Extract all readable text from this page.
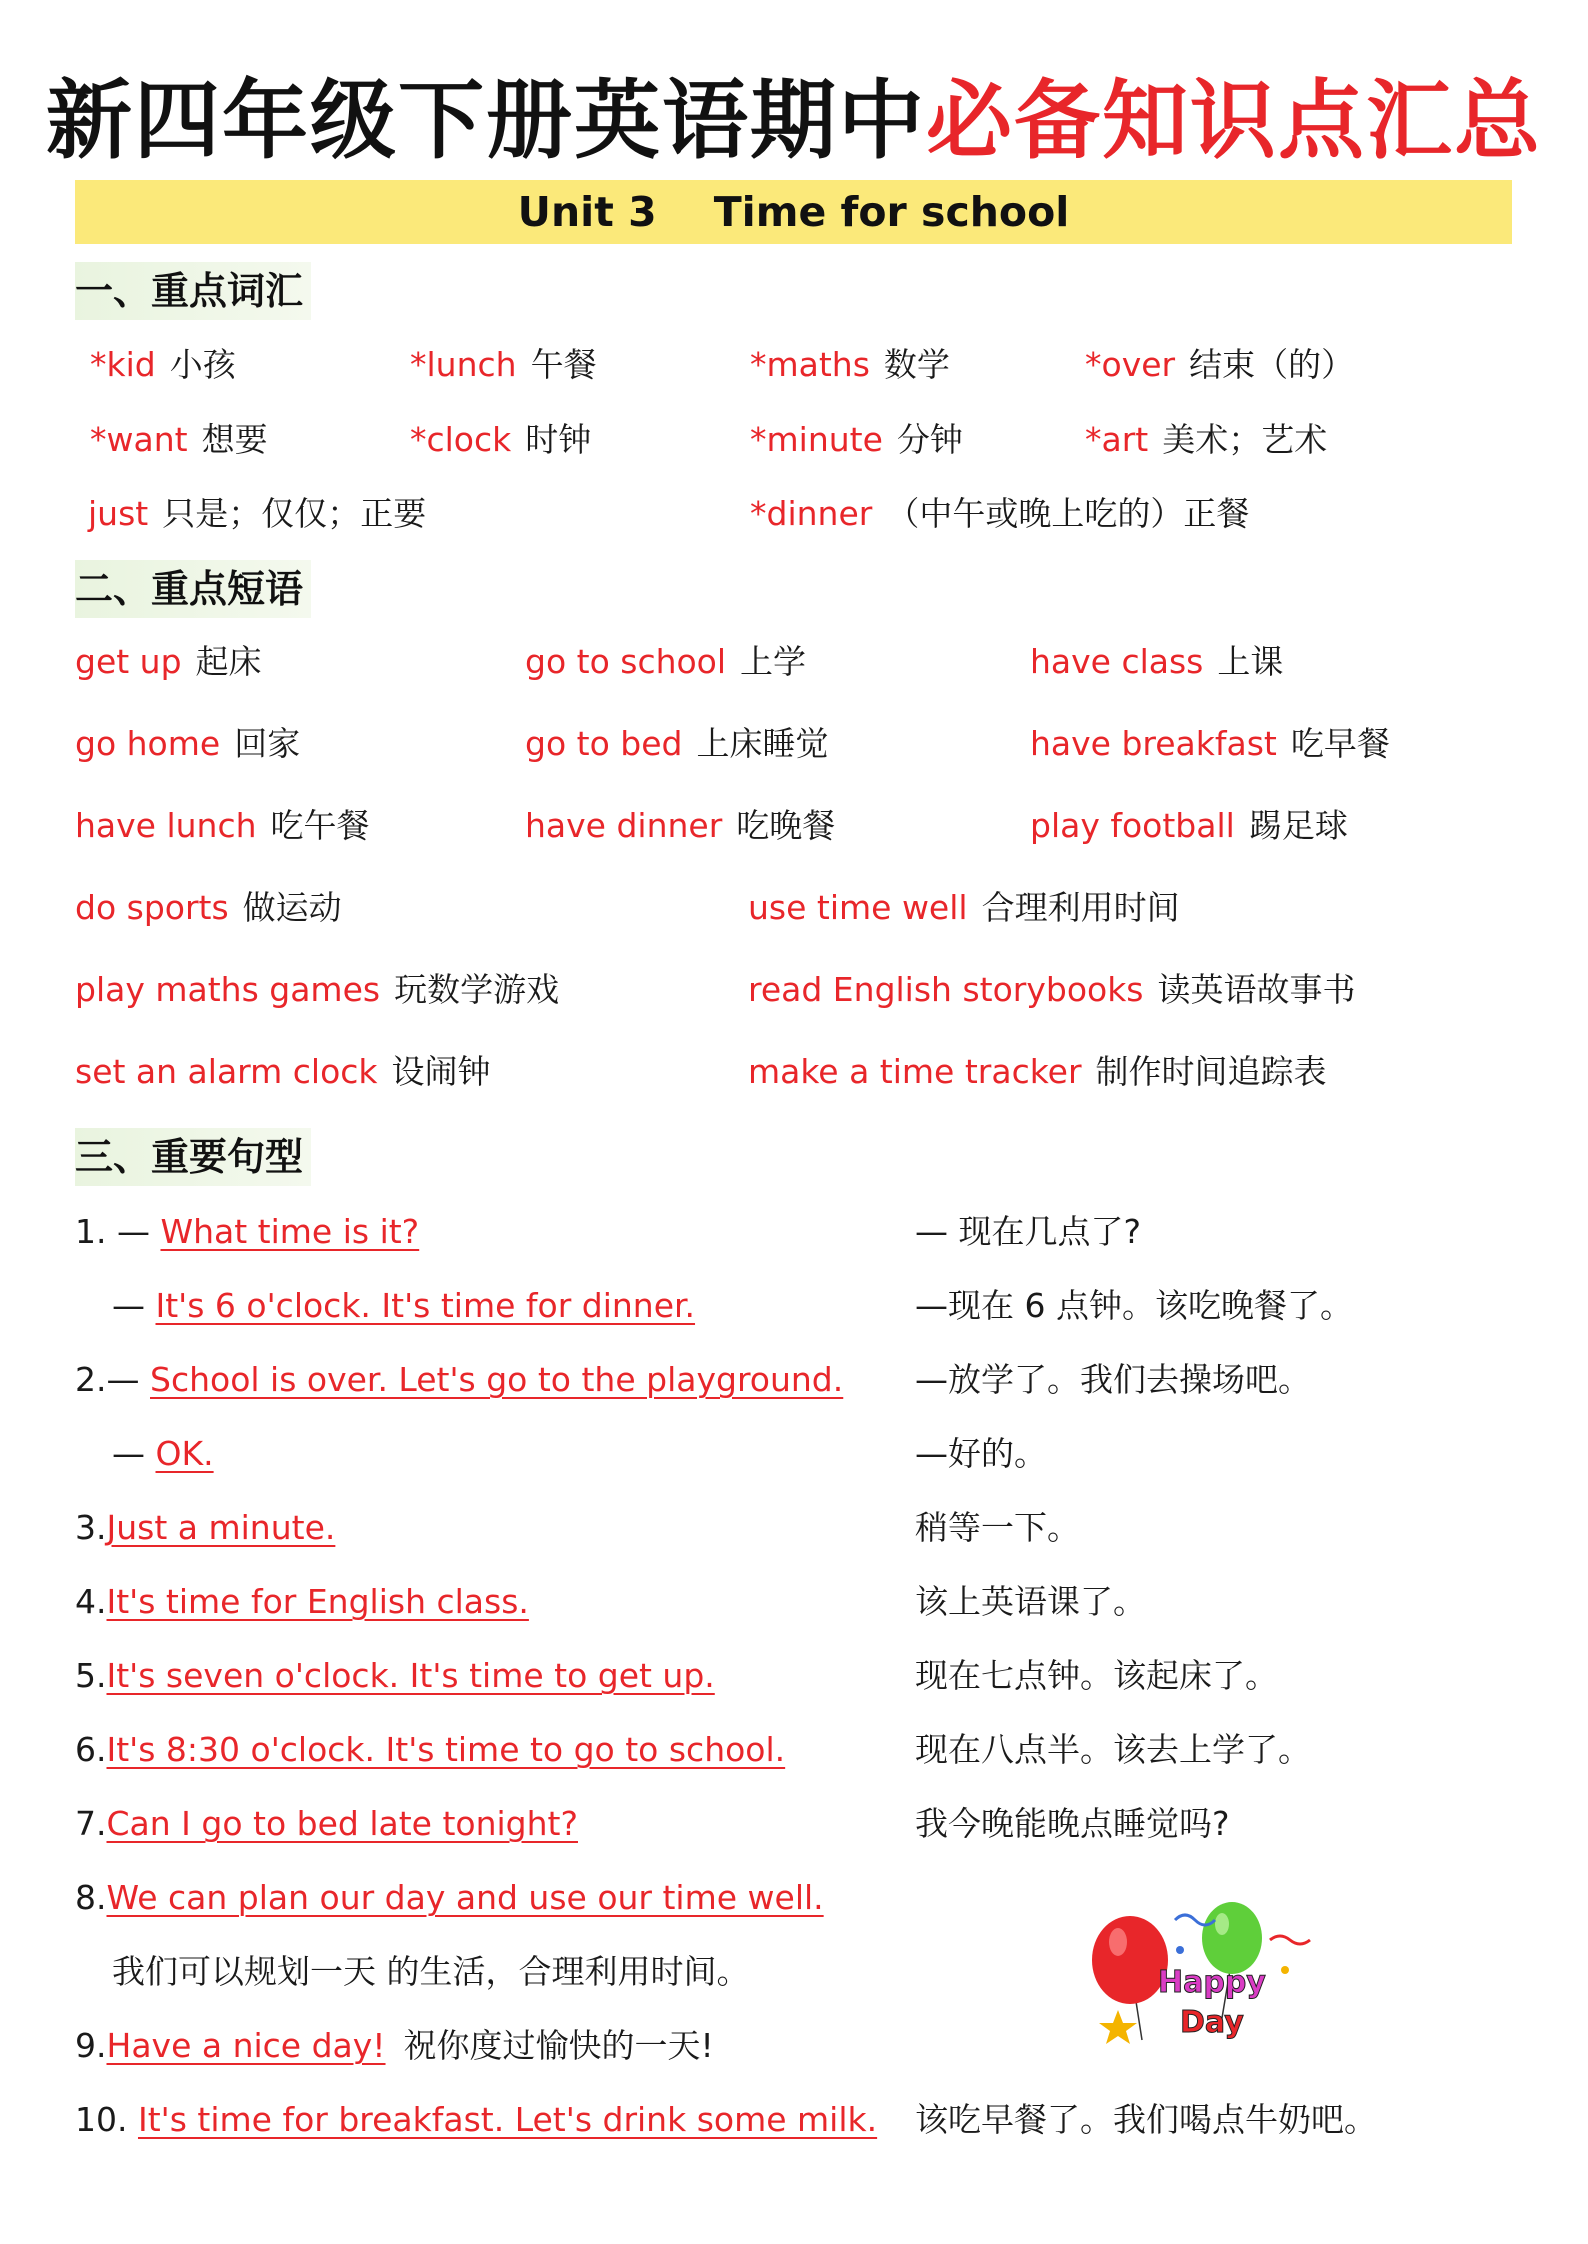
新四年级下册英语期中必备知识点汇总
Unit 3 Time for school
一、重点词汇
*kid 小孩	*lunch 午餐	*maths 数学	*over 结束（的）
*want 想要	*clock 时钟	*minute 分钟	*art 美术；艺术
just 只是；仅仅；正要	*dinner （中午或晚上吃的）正餐
二、重点短语
get up 起床	go to school 上学	have class 上课
go home 回家	go to bed 上床睡觉	have breakfast 吃早餐
have lunch 吃午餐	have dinner 吃晚餐	play football 踢足球
do sports 做运动	use time well 合理利用时间
play maths games 玩数学游戏	read English storybooks 读英语故事书
set an alarm clock 设闹钟	make a time tracker 制作时间追踪表
三、重要句型
1. — What time is it?	— 现在几点了?
— It's 6 o'clock. It's time for dinner.	—现在 6 点钟。该吃晚餐了。
2.— School is over. Let's go to the playground. —放学了。我们去操场吧。
— OK.	—好的。
3.Just a minute.	稍等一下。
4.It's time for English class.	该上英语课了。
5.It's seven o'clock. It's time to get up.	现在七点钟。该起床了。
6.It's 8:30 o'clock. It's time to go to school.	现在八点半。该去上学了。
7.Can I go to bed late tonight?	我今晚能晚点睡觉吗?
8.We can plan our day and use our time well.
我们可以规划一天 的生活，合理利用时间。
9.Have a nice day! 祝你度过愉快的一天!
10. It's time for breakfast. Let's drink some milk. 该吃早餐了。我们喝点牛奶吧。
Happy
Day
